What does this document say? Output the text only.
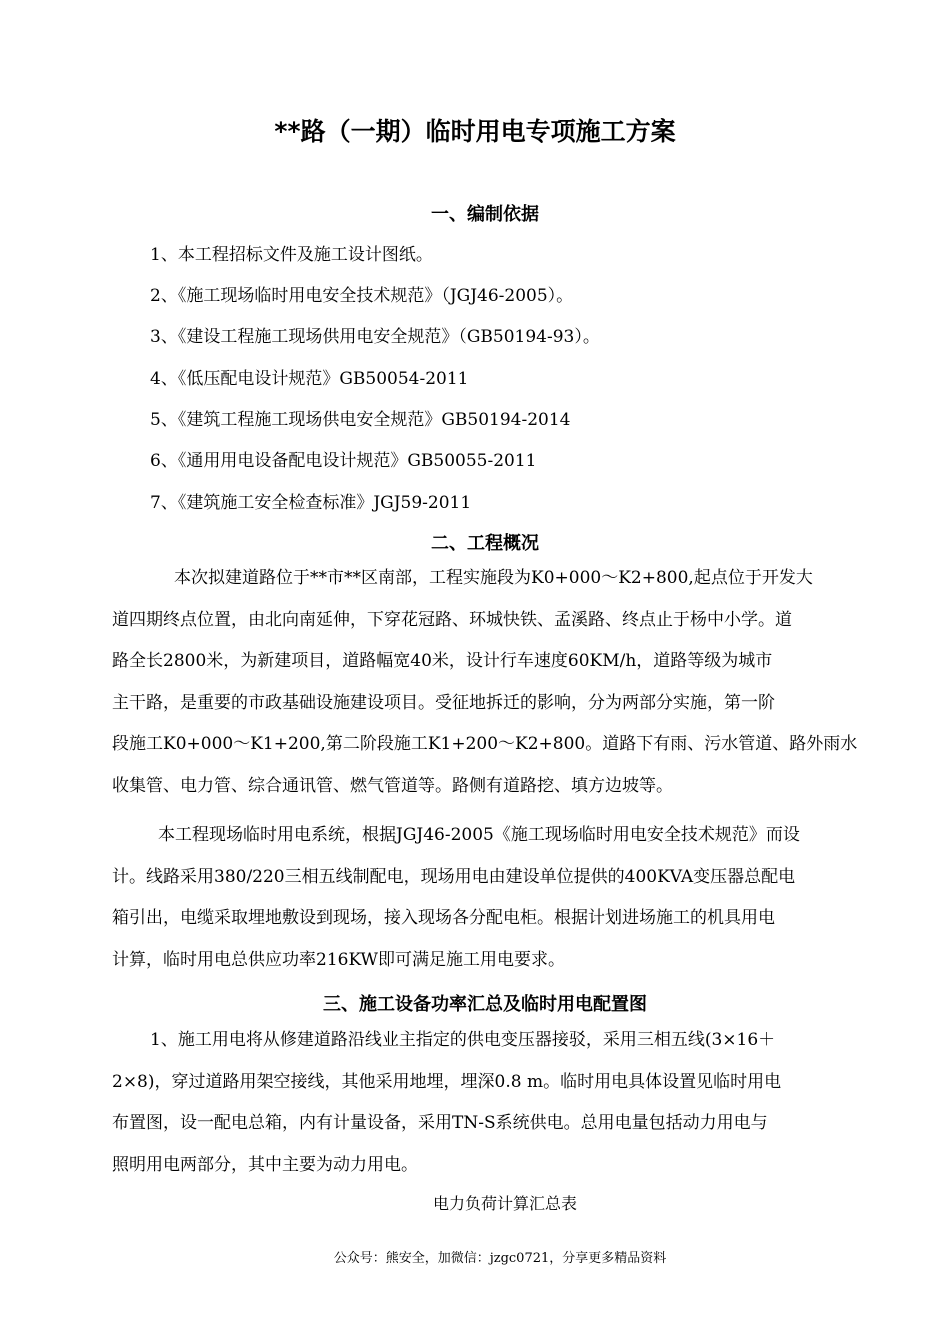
**路（一期）临时用电专项施工方案
一、编制依据
1、本工程招标文件及施工设计图纸。
2、《施工现场临时用电安全技术规范》（JGJ46-2005）。
3、《建设工程施工现场供用电安全规范》（GB50194-93）。
4、《低压配电设计规范》GB50054-2011
5、《建筑工程施工现场供电安全规范》GB50194-2014
6、《通用用电设备配电设计规范》GB50055-2011
7、《建筑施工安全检查标准》JGJ59-2011
二、工程概况
本次拟建道路位于**市**区南部，工程实施段为K0+000～K2+800,起点位于开发大
道四期终点位置，由北向南延伸，下穿花冠路、环城快铁、孟溪路、终点止于杨中小学。道
路全长2800米，为新建项目，道路幅宽40米，设计行车速度60KM/h，道路等级为城市
主干路，是重要的市政基础设施建设项目。受征地拆迁的影响，分为两部分实施，第一阶
段施工K0+000～K1+200,第二阶段施工K1+200～K2+800。道路下有雨、污水管道、路外雨水
收集管、电力管、综合通讯管、燃气管道等。路侧有道路挖、填方边坡等。
本工程现场临时用电系统，根据JGJ46-2005《施工现场临时用电安全技术规范》而设
计。线路采用380/220三相五线制配电，现场用电由建设单位提供的400KVA变压器总配电
箱引出，电缆采取埋地敷设到现场，接入现场各分配电柜。根据计划进场施工的机具用电
计算，临时用电总供应功率216KW即可满足施工用电要求。
三、施工设备功率汇总及临时用电配置图
1、施工用电将从修建道路沿线业主指定的供电变压器接驳，采用三相五线(3×16＋
2×8)，穿过道路用架空接线，其他采用地埋，埋深0.8 m。临时用电具体设置见临时用电
布置图，设一配电总箱，内有计量设备，采用TN-S系统供电。总用电量包括动力用电与
照明用电两部分，其中主要为动力用电。
电力负荷计算汇总表
公众号：熊安全，加微信：jzgc0721，分享更多精品资料
